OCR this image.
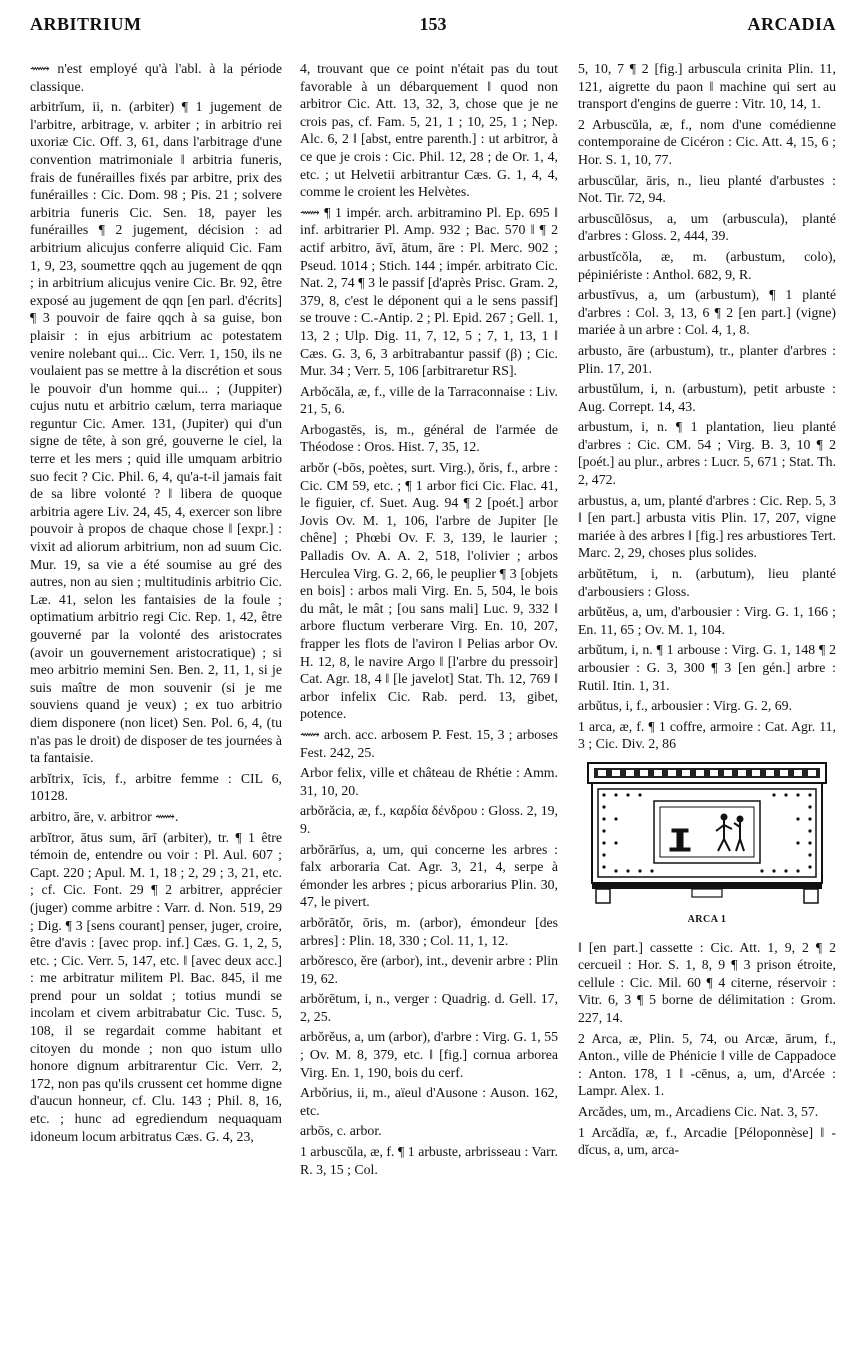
ARBITRIUM	153	ARCADIA

⟿ n'est employé qu'à l'abl. à la période classique.

arbitrĭum, ii, n. (arbiter) ¶ 1 jugement de l'arbitre, arbitrage, v. arbiter ; in arbitrio rei uxoriæ Cic. Off. 3, 61, dans l'arbitrage d'une convention matrimoniale ‖ arbitria funeris, frais de funérailles fixés par arbitre, prix des funérailles : Cic. Dom. 98 ; Pis. 21 ; solvere arbitria funeris Cic. Sen. 18, payer les funérailles ¶ 2 jugement, décision : ad arbitrium alicujus conferre aliquid Cic. Fam 1, 9, 23, soumettre qqch au jugement de qqn ; in arbitrium alicujus venire Cic. Br. 92, être exposé au jugement de qqn [en parl. d'écrits] ¶ 3 pouvoir de faire qqch à sa guise, bon plaisir : in ejus arbitrium ac potestatem venire nolebant qui... Cic. Verr. 1, 150, ils ne voulaient pas se mettre à la discrétion et sous le pouvoir d'un homme qui... ; (Juppiter) cujus nutu et arbitrio cælum, terra mariaque reguntur Cic. Amer. 131, (Jupiter) qui d'un signe de tête, à son gré, gouverne le ciel, la terre et les mers ; quid ille umquam arbitrio suo fecit ? Cic. Phil. 6, 4, qu'a-t-il jamais fait de sa libre volonté ? ‖ libera de quoque arbitria agere Liv. 24, 45, 4, exercer son libre pouvoir à propos de chaque chose ‖ [expr.] : vixit ad aliorum arbitrium, non ad suum Cic. Mur. 19, sa vie a été soumise au gré des autres, non au sien ; multitudinis arbitrio Cic. Læ. 41, selon les fantaisies de la foule ; optimatium arbitrio regi Cic. Rep. 1, 42, être gouverné par la volonté des aristocrates (avoir un gouvernement aristocratique) ; si meo arbitrio memini Sen. Ben. 2, 11, 1, si je suis maître de mon souvenir (si je me souviens quand je veux) ; ex tuo arbitrio diem disponere (non licet) Sen. Pol. 6, 4, (tu n'as pas le droit) de disposer de tes journées à ta fantaisie.

arbĭtrix, īcis, f., arbitre femme : CIL 6, 10128.

arbitro, āre, v. arbitror ⟿.

arbĭtror, ātus sum, ārī (arbiter), tr. ¶ 1 être témoin de, entendre ou voir : Pl. Aul. 607 ; Capt. 220 ; Apul. M. 1, 18 ; 2, 29 ; 3, 21, etc. ; cf. Cic. Font. 29 ¶ 2 arbitrer, apprécier (juger) comme arbitre : Varr. d. Non. 519, 29 ; Dig. ¶ 3 [sens courant] penser, juger, croire, être d'avis : [avec prop. inf.] Cæs. G. 1, 2, 5, etc. ; Cic. Verr. 5, 147, etc. ‖ [avec deux acc.] : me arbitratur militem Pl. Bac. 845, il me prend pour un soldat ; totius mundi se incolam et civem arbitrabatur Cic. Tusc. 5, 108, il se regardait comme habitant et citoyen du monde ; non quo istum ullo honore dignum arbitrarentur Cic. Verr. 2, 172, non pas qu'ils crussent cet homme digne d'aucun honneur, cf. Clu. 143 ; Phil. 8, 16, etc. ; hunc ad egrediendum nequaquam idoneum locum arbitratus Cæs. G. 4, 23,

4, trouvant que ce point n'était pas du tout favorable à un débarquement ‖ quod non arbitror Cic. Att. 13, 32, 3, chose que je ne crois pas, cf. Fam. 5, 21, 1 ; 10, 25, 1 ; Nep. Alc. 6, 2 ‖ [abst, entre parenth.] : ut arbitror, à ce que je crois : Cic. Phil. 12, 28 ; de Or. 1, 4, etc. ; ut Helvetii arbitrantur Cæs. G. 1, 4, 4, comme le croient les Helvètes.

⟿ ¶ 1 impér. arch. arbitramino Pl. Ep. 695 ‖ inf. arbitrarier Pl. Amp. 932 ; Bac. 570 ‖ ¶ 2 actif arbitro, āvī, ātum, āre : Pl. Merc. 902 ; Pseud. 1014 ; Stich. 144 ; impér. arbitrato Cic. Nat. 2, 74 ¶ 3 le passif [d'après Prisc. Gram. 2, 379, 8, c'est le déponent qui a le sens passif] se trouve : C.-Antip. 2 ; Pl. Epid. 267 ; Gell. 1, 13, 2 ; Ulp. Dig. 11, 7, 12, 5 ; 7, 1, 13, 1 ‖ Cæs. G. 3, 6, 3 arbitrabantur passif (β) ; Cic. Mur. 34 ; Verr. 5, 106 [arbitraretur RS].

Arbŏcăla, æ, f., ville de la Tarraconnaise : Liv. 21, 5, 6.

Arbogastēs, is, m., général de l'armée de Théodose : Oros. Hist. 7, 35, 12.

arbŏr (-bōs, poètes, surt. Virg.), ŏris, f., arbre : Cic. CM 59, etc. ; ¶ 1 arbor fici Cic. Flac. 41, le figuier, cf. Suet. Aug. 94 ¶ 2 [poét.] arbor Jovis Ov. M. 1, 106, l'arbre de Jupiter [le chêne] ; Phœbi Ov. F. 3, 139, le laurier ; Palladis Ov. A. A. 2, 518, l'olivier ; arbos Herculea Virg. G. 2, 66, le peuplier ¶ 3 [objets en bois] : arbos mali Virg. En. 5, 504, le bois du mât, le mât ; [ou sans mali] Luc. 9, 332 ‖ arbore fluctum verberare Virg. En. 10, 207, frapper les flots de l'aviron ‖ Pelias arbor Ov. H. 12, 8, le navire Argo ‖ [l'arbre du pressoir] Cat. Agr. 18, 4 ‖ [le javelot] Stat. Th. 12, 769 ‖ arbor infelix Cic. Rab. perd. 13, gibet, potence.

⟿ arch. acc. arbosem P. Fest. 15, 3 ; arboses Fest. 242, 25.

Arbor felix, ville et château de Rhétie : Amm. 31, 10, 20.

arbŏrăcia, æ, f., καρδία δένδρου : Gloss. 2, 19, 9.

arbŏrārĭus, a, um, qui concerne les arbres : falx arboraria Cat. Agr. 3, 21, 4, serpe à émonder les arbres ; picus arborarius Plin. 30, 47, le pivert.

arbŏrātŏr, ōris, m. (arbor), émondeur [des arbres] : Plin. 18, 330 ; Col. 11, 1, 12.

arbŏresco, ĕre (arbor), int., devenir arbre : Plin 19, 62.

arbŏrētum, i, n., verger : Quadrig. d. Gell. 17, 2, 25.

arbŏrĕus, a, um (arbor), d'arbre : Virg. G. 1, 55 ; Ov. M. 8, 379, etc. ‖ [fig.] cornua arborea Virg. En. 1, 190, bois du cerf.

Arbŏrius, ii, m., aïeul d'Ausone : Auson. 162, etc.

arbōs, c. arbor.

1 arbuscŭla, æ, f. ¶ 1 arbuste, arbrisseau : Varr. R. 3, 15 ; Col.

5, 10, 7 ¶ 2 [fig.] arbuscula crinita Plin. 11, 121, aigrette du paon ‖ machine qui sert au transport d'engins de guerre : Vitr. 10, 14, 1.

2 Arbuscŭla, æ, f., nom d'une comédienne contemporaine de Cicéron : Cic. Att. 4, 15, 6 ; Hor. S. 1, 10, 77.

arbuscŭlar, āris, n., lieu planté d'arbustes : Not. Tir. 72, 94.

arbuscŭlōsus, a, um (arbuscula), planté d'arbres : Gloss. 2, 444, 39.

arbustĭcŏla, æ, m. (arbustum, colo), pépiniériste : Anthol. 682, 9, R.

arbustīvus, a, um (arbustum), ¶ 1 planté d'arbres : Col. 3, 13, 6 ¶ 2 [en part.] (vigne) mariée à un arbre : Col. 4, 1, 8.

arbusto, āre (arbustum), tr., planter d'arbres : Plin. 17, 201.

arbustŭlum, i, n. (arbustum), petit arbuste : Aug. Corrept. 14, 43.

arbustum, i, n. ¶ 1 plantation, lieu planté d'arbres : Cic. CM. 54 ; Virg. B. 3, 10 ¶ 2 [poét.] au plur., arbres : Lucr. 5, 671 ; Stat. Th. 2, 472.

arbustus, a, um, planté d'arbres : Cic. Rep. 5, 3 ‖ [en part.] arbusta vitis Plin. 17, 207, vigne mariée à des arbres ‖ [fig.] res arbustiores Tert. Marc. 2, 29, choses plus solides.

arbŭtētum, i, n. (arbutum), lieu planté d'arbousiers : Gloss.

arbŭtĕus, a, um, d'arbousier : Virg. G. 1, 166 ; En. 11, 65 ; Ov. M. 1, 104.

arbŭtum, i, n. ¶ 1 arbouse : Virg. G. 1, 148 ¶ 2 arbousier : G. 3, 300 ¶ 3 [en gén.] arbre : Rutil. Itin. 1, 31.

arbŭtus, i, f., arbousier : Virg. G. 2, 69.

1 arca, æ, f. ¶ 1 coffre, armoire : Cat. Agr. 11, 3 ; Cic. Div. 2, 86

ARCA 1

‖ [en part.] cassette : Cic. Att. 1, 9, 2 ¶ 2 cercueil : Hor. S. 1, 8, 9 ¶ 3 prison étroite, cellule : Cic. Mil. 60 ¶ 4 citerne, réservoir : Vitr. 6, 3 ¶ 5 borne de délimitation : Grom. 227, 14.

2 Arca, æ, Plin. 5, 74, ou Arcæ, ārum, f., Anton., ville de Phénicie ‖ ville de Cappadoce : Anton. 178, 1 ‖ -cēnus, a, um, d'Arcée : Lampr. Alex. 1.

Arcădes, um, m., Arcadiens Cic. Nat. 3, 57.

1 Arcădĭa, æ, f., Arcadie [Péloponnèse] ‖ -dĭcus, a, um, arca-
